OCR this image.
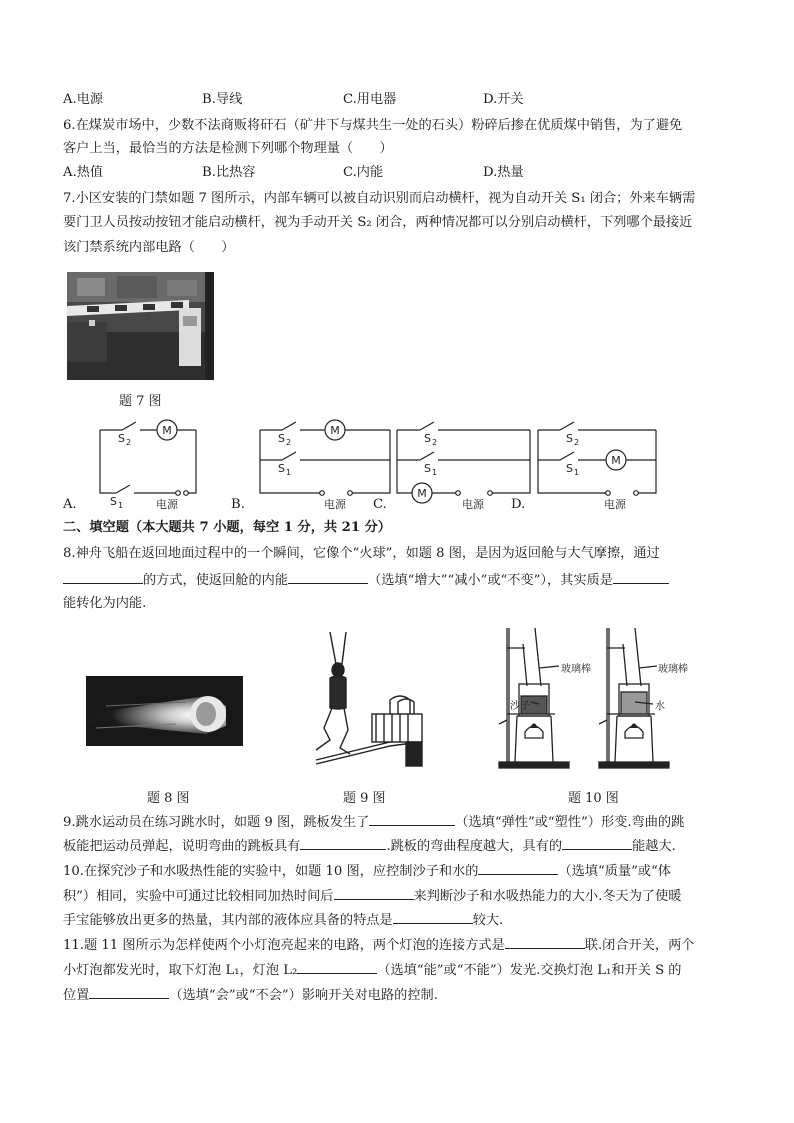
A.电源	B.导线	C.用电器	D.开关
6.在煤炭市场中，少数不法商贩将矸石（矿井下与煤共生一处的石头）粉碎后掺在优质煤中销售，为了避免
客户上当，最恰当的方法是检测下列哪个物理量（　　）
A.热值	B.比热容	C.内能	D.热量
7.小区安装的门禁如题 7 图所示，内部车辆可以被自动识别而启动横杆，视为自动开关 S₁ 闭合；外来车辆需
要门卫人员按动按钮才能启动横杆，视为手动开关 S₂ 闭合，两种情况都可以分别启动横杆，下列哪个最接近
该门禁系统内部电路（　　）
题 7 图
M	M
M
M
S 2
S 1
S 2
S 1
S 2
S 1
S 2
S 1
电源	电源	电源	电源
A.	B.	C.	D.
二、填空题（本大题共 7 小题，每空 1 分，共 21 分）
8.神舟飞船在返回地面过程中的一个瞬间，它像个“火球”，如题 8 图，是因为返回舱与大气摩擦，通过
的方式，使返回舱的内能	（选填“增大”“减小”或“不变”），其实质是
能转化为内能.
玻璃棒	玻璃棒
沙子	水
题 8 图	题 9 图	题 10 图
9.跳水运动员在练习跳水时，如题 9 图，跳板发生了	（选填“弹性”或“塑性”）形变.弯曲的跳
板能把运动员弹起，说明弯曲的跳板具有	.跳板的弯曲程度越大，具有的	能越大.
10.在探究沙子和水吸热性能的实验中，如题 10 图，应控制沙子和水的	（选填“质量”或“体
积”）相同，实验中可通过比较相同加热时间后	来判断沙子和水吸热能力的大小.冬天为了使暖
手宝能够放出更多的热量，其内部的液体应具备的特点是	较大.
11.题 11 图所示为怎样使两个小灯泡亮起来的电路，两个灯泡的连接方式是	联.闭合开关，两个
小灯泡都发光时，取下灯泡 L₁，灯泡 L₂	（选填“能”或“不能”）发光.交换灯泡 L₁和开关 S 的
位置	（选填“会”或“不会”）影响开关对电路的控制.
